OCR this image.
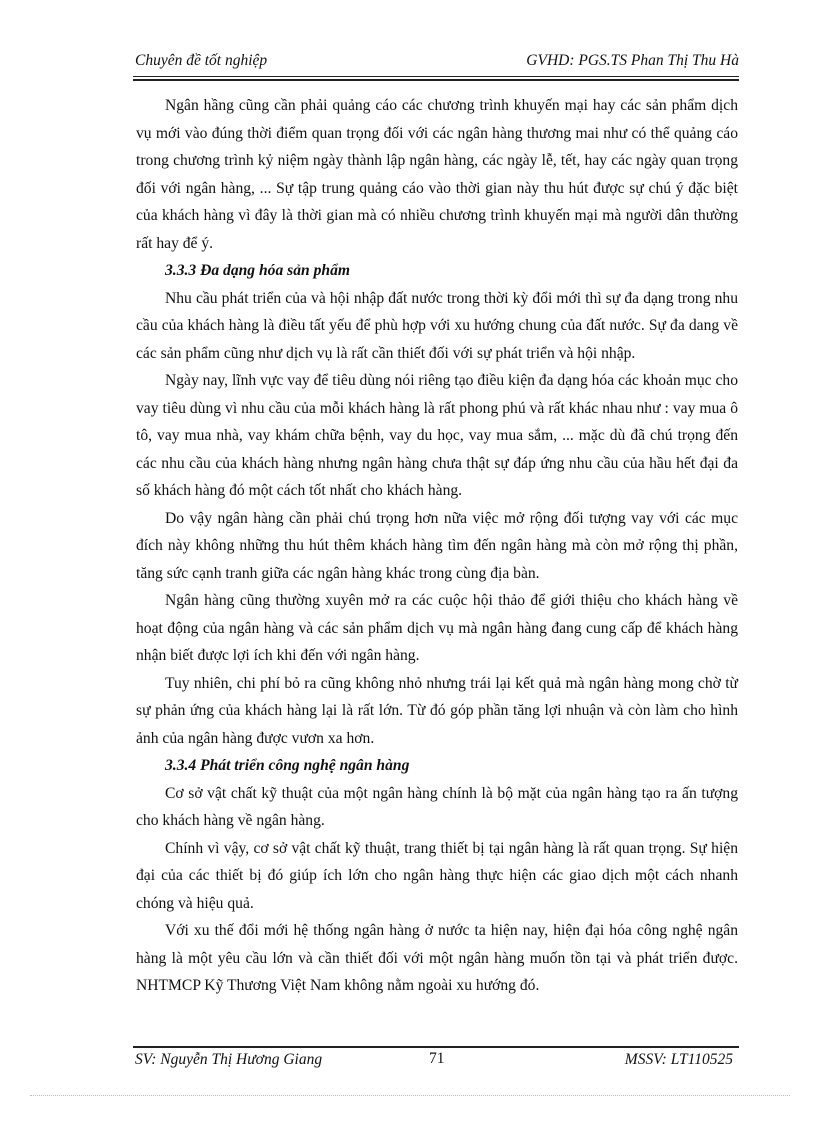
Chuyên đề tốt nghiệp	GVHD: PGS.TS Phan Thị Thu Hà

Ngân hầng cũng cần phải quảng cáo các chương trình khuyến mại hay các sản phẩm dịch vụ mới vào đúng thời điểm quan trọng đối với các ngân hàng thương mai như có thể quảng cáo trong chương trình kỷ niệm ngày thành lập ngân hàng, các ngày lễ, tết, hay các ngày quan trọng đối với ngân hàng, ... Sự tập trung quảng cáo vào thời gian này thu hút được sự chú ý đặc biệt của khách hàng vì đây là thời gian mà có nhiều chương trình khuyến mại mà người dân thường rất hay để ý.

3.3.3 Đa dạng hóa sản phẩm

Nhu cầu phát triển của và hội nhập đất nước trong thời kỳ đổi mới thì sự đa dạng trong nhu cầu của khách hàng là điều tất yếu để phù hợp với xu hướng chung của đất nước. Sự đa dang về các sản phẩm cũng như dịch vụ là rất cần thiết đối với sự phát triển và hội nhập.

Ngày nay, lĩnh vực vay để tiêu dùng nói riêng tạo điều kiện đa dạng hóa các khoản mục cho vay tiêu dùng vì nhu cầu của mỗi khách hàng là rất phong phú và rất khác nhau như : vay mua ô tô, vay mua nhà, vay khám chữa bệnh, vay du học, vay mua sắm, ... mặc dù đã chú trọng đến các nhu cầu của khách hàng nhưng ngân hàng chưa thật sự đáp ứng nhu cầu của hầu hết đại đa số khách hàng đó một cách tốt nhất cho khách hàng.

Do vậy ngân hàng cần phải chú trọng hơn nữa việc mở rộng đối tượng vay với các mục đích này không những thu hút thêm khách hàng tìm đến ngân hàng mà còn mở rộng thị phần, tăng sức cạnh tranh giữa các ngân hàng khác trong cùng địa bàn.

Ngân hàng cũng thường xuyên mở ra các cuộc hội thảo để giới thiệu cho khách hàng về hoạt động của ngân hàng và các sản phẩm dịch vụ mà ngân hàng đang cung cấp để khách hàng nhận biết được lợi ích khi đến với ngân hàng.

Tuy nhiên, chi phí bỏ ra cũng không nhỏ nhưng trái lại kết quả mà ngân hàng mong chờ từ sự phản ứng của khách hàng lại là rất lớn. Từ đó góp phần tăng lợi nhuận và còn làm cho hình ảnh của ngân hàng được vươn xa hơn.

3.3.4 Phát triển công nghệ ngân hàng

Cơ sở vật chất kỹ thuật của một ngân hàng chính là bộ mặt của ngân hàng tạo ra ấn tượng cho khách hàng về ngân hàng.

Chính vì vậy, cơ sở vật chất kỹ thuật, trang thiết bị tại ngân hàng là rất quan trọng. Sự hiện đại của các thiết bị đó giúp ích lớn cho ngân hàng thực hiện các giao dịch một cách nhanh chóng và hiệu quả.

Với xu thế đổi mới hệ thống ngân hàng ở nước ta hiện nay, hiện đại hóa công nghệ ngân hàng là một yêu cầu lớn và cần thiết đối với một ngân hàng muốn tồn tại và phát triển được. NHTMCP Kỹ Thương Việt Nam không nằm ngoài xu hướng đó.

SV: Nguyễn Thị Hương Giang	71	MSSV: LT110525
